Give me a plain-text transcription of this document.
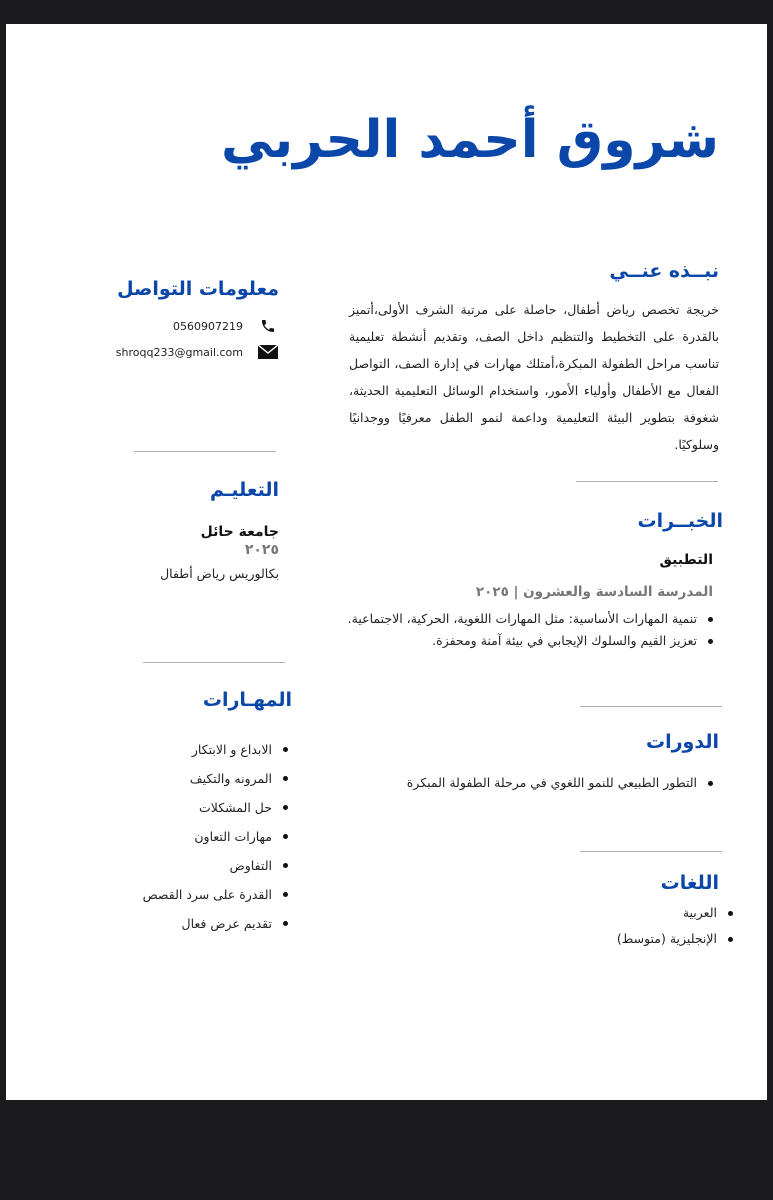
شروق أحمد الحربي
نبــذه عنــي

خريجة تخصص رياض أطفال، حاصلة على مرتبة الشرف الأولى،أتميز بالقدرة على التخطيط والتنظيم داخل الصف، وتقديم أنشطة تعليمية تناسب مراحل الطفولة المبكرة،أمتلك مهارات في إدارة الصف، التواصل الفعال مع الأطفال وأولياء الأمور، واستخدام الوسائل التعليمية الحديثة، شغوفة بتطوير البيئة التعليمية وداعمة لنمو الطفل معرفيًا ووجدانيًا وسلوكيًا.

معلومات التواصل
0560907219
shroqq233@gmail.com
التعليـم
جامعة حائل
٢٠٢٥
بكالوريس رياض أطفال
المهـارات
الابداع و الابتكار
المرونه والتكيف
حل المشكلات
مهارات التعاون
التفاوض
القدرة على سرد القصص
تقديم عرض فعال
الخبــرات
التطبيق
المدرسة السادسة والعشرون | ٢٠٢٥
تنمية المهارات الأساسية: مثل المهارات اللغوية، الحركية، الاجتماعية.
تعزيز القيم والسلوك الإيجابي في بيئة آمنة ومحفزة.
الدورات
التطور الطبيعي للنمو اللغوي في مرحلة الطفولة المبكرة
اللغات
العربية
الإنجليزية (متوسط)
